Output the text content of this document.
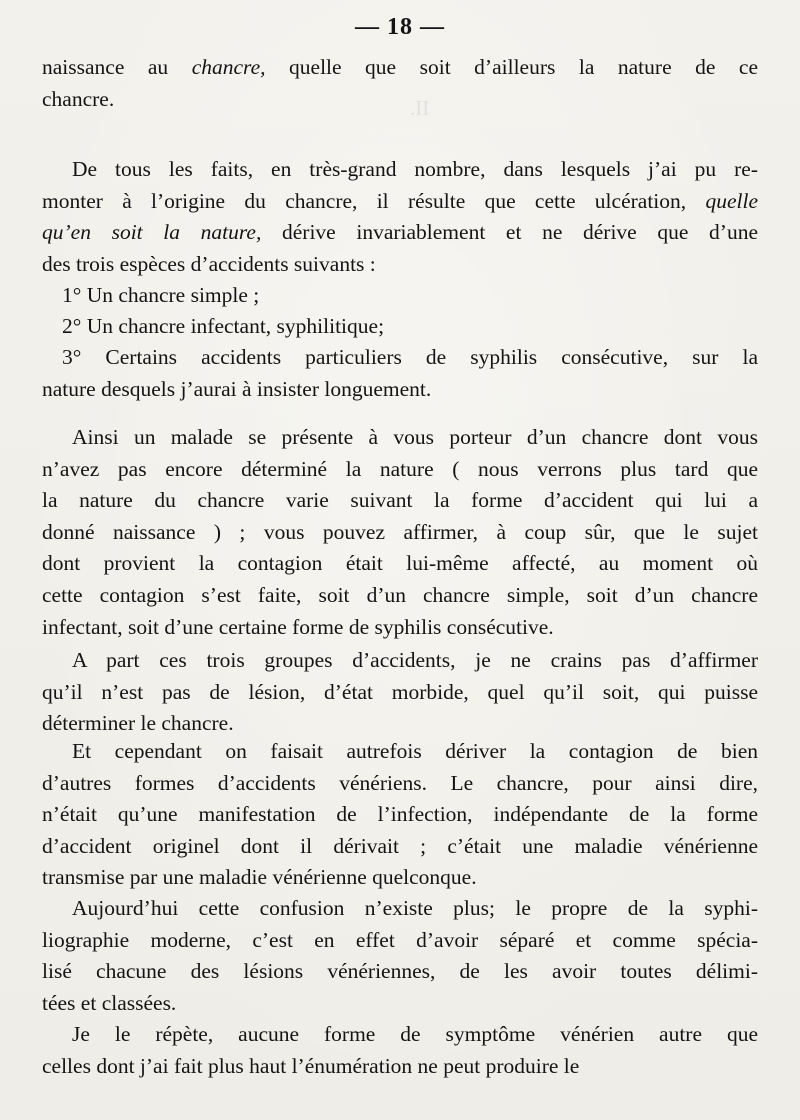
— 18 —
II.
naissance au chancre, quelle que soit d’ailleurs la nature de ce
chancre.
De tous les faits, en très-grand nombre, dans lesquels j’ai pu re-
monter à l’origine du chancre, il résulte que cette ulcération, quelle
qu’en soit la nature, dérive invariablement et ne dérive que d’une
des trois espèces d’accidents suivants :
1° Un chancre simple ;
2° Un chancre infectant, syphilitique;
3° Certains accidents particuliers de syphilis consécutive, sur la
nature desquels j’aurai à insister longuement.
Ainsi un malade se présente à vous porteur d’un chancre dont vous
n’avez pas encore déterminé la nature ( nous verrons plus tard que
la nature du chancre varie suivant la forme d’accident qui lui a
donné naissance ) ; vous pouvez affirmer, à coup sûr, que le sujet
dont provient la contagion était lui-même affecté, au moment où
cette contagion s’est faite, soit d’un chancre simple, soit d’un chancre
infectant, soit d’une certaine forme de syphilis consécutive.
A part ces trois groupes d’accidents, je ne crains pas d’affirmer
qu’il n’est pas de lésion, d’état morbide, quel qu’il soit, qui puisse
déterminer le chancre.
Et cependant on faisait autrefois dériver la contagion de bien
d’autres formes d’accidents vénériens. Le chancre, pour ainsi dire,
n’était qu’une manifestation de l’infection, indépendante de la forme
d’accident originel dont il dérivait ; c’était une maladie vénérienne
transmise par une maladie vénérienne quelconque.
Aujourd’hui cette confusion n’existe plus; le propre de la syphi-
liographie moderne, c’est en effet d’avoir séparé et comme spécia-
lisé chacune des lésions vénériennes, de les avoir toutes délimi-
tées et classées.
Je le répète, aucune forme de symptôme vénérien autre que
celles dont j’ai fait plus haut l’énumération ne peut produire le
